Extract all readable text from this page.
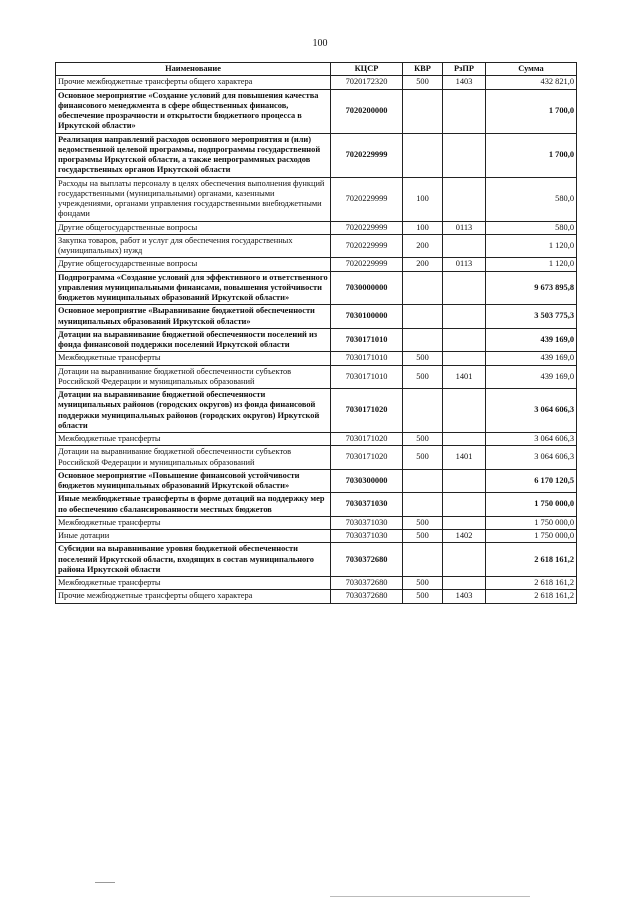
100
Наименование	КЦСР	КВР	РзПР	Сумма
Прочие межбюджетные трансферты общего характера	7020172320	500	1403	432 821,0
Основное мероприятие «Создание условий для повышения качества финансового менеджмента в сфере общественных финансов, обеспечение прозрачности и открытости бюджетного процесса в Иркутской области»	7020200000			1 700,0
Реализация направлений расходов основного мероприятия и (или) ведомственной целевой программы, подпрограммы государственной программы Иркутской области, а также непрограммных расходов государственных органов Иркутской области	7020229999			1 700,0
Расходы на выплаты персоналу в целях обеспечения выполнения функций государственными (муниципальными) органами, казенными учреждениями, органами управления государственными внебюджетными фондами	7020229999	100		580,0
Другие общегосударственные вопросы	7020229999	100	0113	580,0
Закупка товаров, работ и услуг для обеспечения государственных (муниципальных) нужд	7020229999	200		1 120,0
Другие общегосударственные вопросы	7020229999	200	0113	1 120,0
Подпрограмма «Создание условий для эффективного и ответственного управления муниципальными финансами, повышения устойчивости бюджетов муниципальных образований Иркутской области»	7030000000			9 673 895,8
Основное мероприятие «Выравнивание бюджетной обеспеченности муниципальных образований Иркутской области»	7030100000			3 503 775,3
Дотации на выравнивание бюджетной обеспеченности поселений из фонда финансовой поддержки поселений Иркутской области	7030171010			439 169,0
Межбюджетные трансферты	7030171010	500		439 169,0
Дотации на выравнивание бюджетной обеспеченности субъектов Российской Федерации и муниципальных образований	7030171010	500	1401	439 169,0
Дотации на выравнивание бюджетной обеспеченности муниципальных районов (городских округов) из фонда финансовой поддержки муниципальных районов (городских округов) Иркутской области	7030171020			3 064 606,3
Межбюджетные трансферты	7030171020	500		3 064 606,3
Дотации на выравнивание бюджетной обеспеченности субъектов Российской Федерации и муниципальных образований	7030171020	500	1401	3 064 606,3
Основное мероприятие «Повышение финансовой устойчивости бюджетов муниципальных образований Иркутской области»	7030300000			6 170 120,5
Иные межбюджетные трансферты в форме дотаций на поддержку мер по обеспечению сбалансированности местных бюджетов	7030371030			1 750 000,0
Межбюджетные трансферты	7030371030	500		1 750 000,0
Иные дотации	7030371030	500	1402	1 750 000,0
Субсидии на выравнивание уровня бюджетной обеспеченности поселений Иркутской области, входящих в состав муниципального района Иркутской области	7030372680			2 618 161,2
Межбюджетные трансферты	7030372680	500		2 618 161,2
Прочие межбюджетные трансферты общего характера	7030372680	500	1403	2 618 161,2
